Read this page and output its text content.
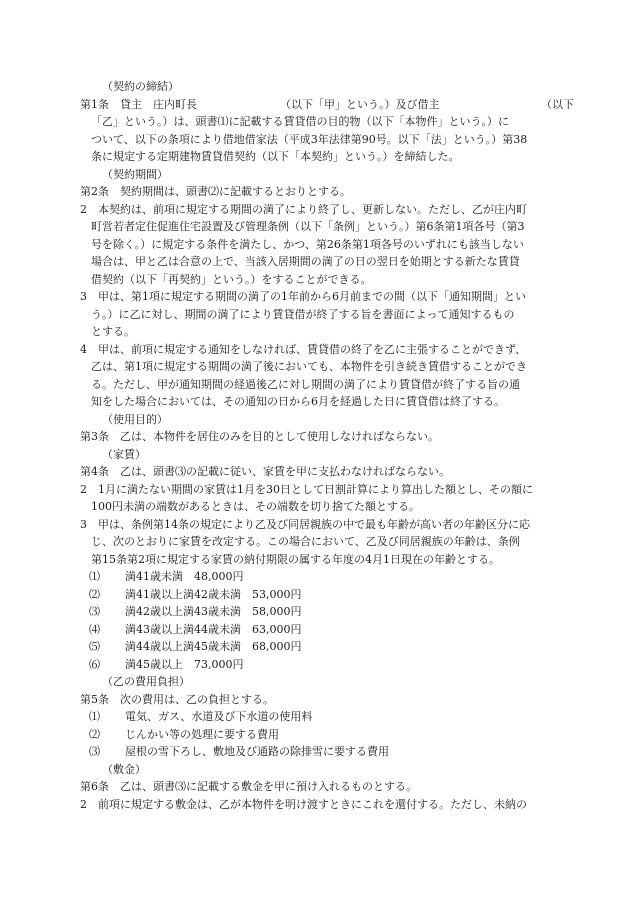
（契約の締結）
第1条　貸主　庄内町長	（以下「甲」という。）及び借主	（以下
「乙」という。）は、頭書⑴に記載する賃貸借の目的物（以下「本物件」という。）に
ついて、以下の条項により借地借家法（平成3年法律第90号。以下「法」という。）第38
条に規定する定期建物賃貸借契約（以下「本契約」という。）を締結した。
（契約期間）
第2条　契約期間は、頭書⑵に記載するとおりとする。
2　本契約は、前項に規定する期間の満了により終了し、更新しない。ただし、乙が庄内町
町営若者定住促進住宅設置及び管理条例（以下「条例」という。）第6条第1項各号（第3
号を除く。）に規定する条件を満たし、かつ、第26条第1項各号のいずれにも該当しない
場合は、甲と乙は合意の上で、当該入居期間の満了の日の翌日を始期とする新たな賃貸
借契約（以下「再契約」という。）をすることができる。
3　甲は、第1項に規定する期間の満了の1年前から6月前までの間（以下「通知期間」とい
う。）に乙に対し、期間の満了により賃貸借が終了する旨を書面によって通知するもの
とする。
4　甲は、前項に規定する通知をしなければ、賃貸借の終了を乙に主張することができず、
乙は、第1項に規定する期間の満了後においても、本物件を引き続き賃借することができ
る。ただし、甲が通知期間の経過後乙に対し期間の満了により賃貸借が終了する旨の通
知をした場合においては、その通知の日から6月を経過した日に賃貸借は終了する。
（使用目的）
第3条　乙は、本物件を居住のみを目的として使用しなければならない。
（家賃）
第4条　乙は、頭書⑶の記載に従い、家賃を甲に支払わなければならない。
2　1月に満たない期間の家賃は1月を30日として日割計算により算出した額とし、その額に
100円未満の端数があるときは、その端数を切り捨てた額とする。
3　甲は、条例第14条の規定により乙及び同居親族の中で最も年齢が高い者の年齢区分に応
じ、次のとおりに家賃を改定する。この場合において、乙及び同居親族の年齢は、条例
第15条第2項に規定する家賃の納付期限の属する年度の4月1日現在の年齢とする。
⑴ 満41歳未満　48,000円
⑵ 満41歳以上満42歳未満　53,000円
⑶ 満42歳以上満43歳未満　58,000円
⑷ 満43歳以上満44歳未満　63,000円
⑸ 満44歳以上満45歳未満　68,000円
⑹ 満45歳以上　73,000円
（乙の費用負担）
第5条　次の費用は、乙の負担とする。
⑴ 電気、ガス、水道及び下水道の使用料
⑵ じんかい等の処理に要する費用
⑶ 屋根の雪下ろし、敷地及び通路の除排雪に要する費用
（敷金）
第6条　乙は、頭書⑶に記載する敷金を甲に預け入れるものとする。
2　前項に規定する敷金は、乙が本物件を明け渡すときにこれを還付する。ただし、未納の
